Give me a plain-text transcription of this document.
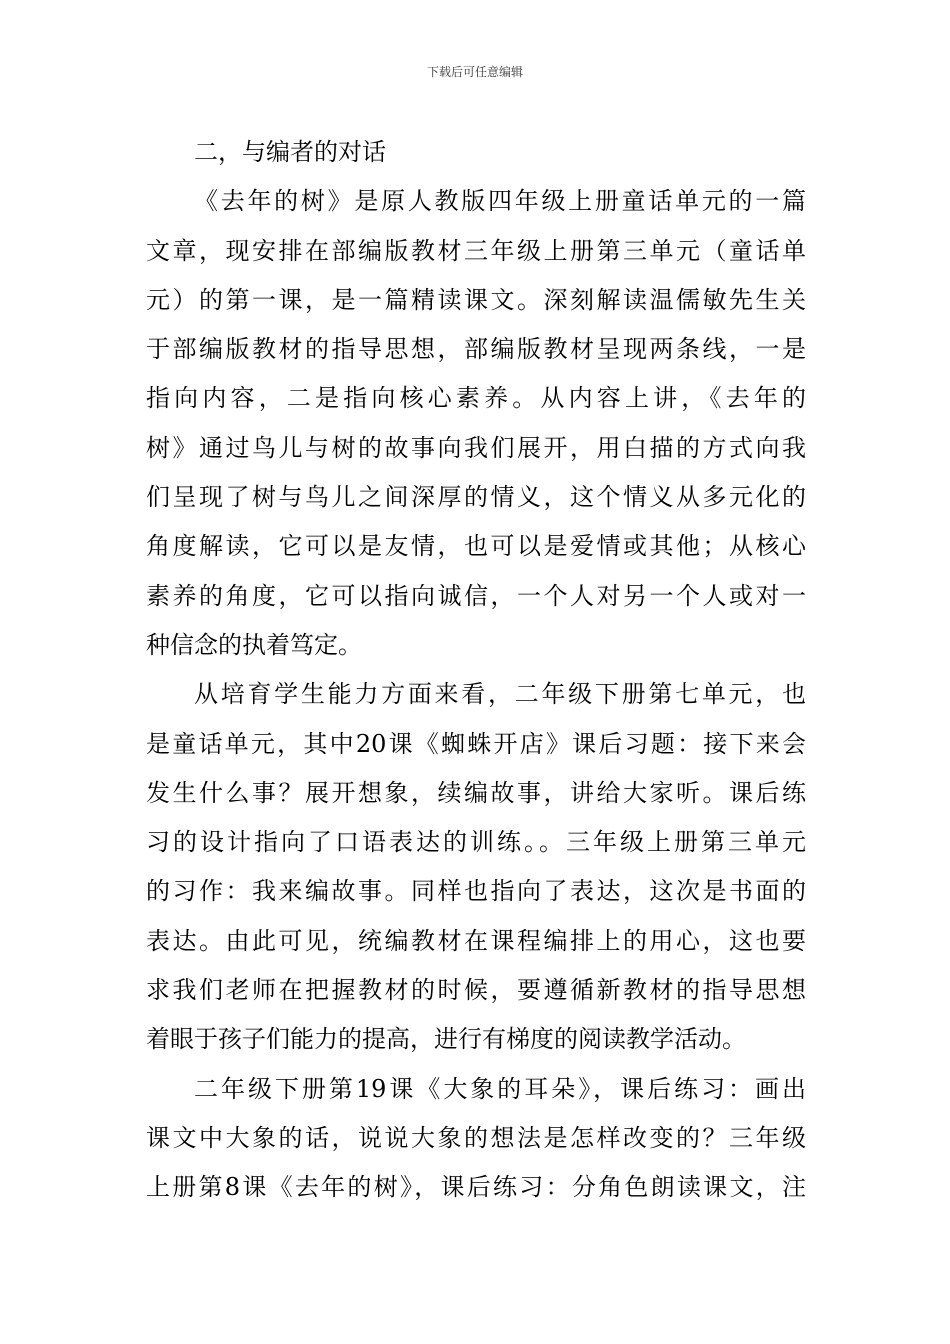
下载后可任意编辑
二，与编者的对话
《去年的树》是原人教版四年级上册童话单元的一篇
文章，现安排在部编版教材三年级上册第三单元（童话单
元）的第一课，是一篇精读课文。深刻解读温儒敏先生关
于部编版教材的指导思想，部编版教材呈现两条线，一是
指向内容，二是指向核心素养。从内容上讲，《去年的
树》通过鸟儿与树的故事向我们展开，用白描的方式向我
们呈现了树与鸟儿之间深厚的情义，这个情义从多元化的
角度解读，它可以是友情，也可以是爱情或其他；从核心
素养的角度，它可以指向诚信，一个人对另一个人或对一
种信念的执着笃定。
从培育学生能力方面来看，二年级下册第七单元，也
是童话单元，其中20课《蜘蛛开店》课后习题：接下来会
发生什么事？展开想象，续编故事，讲给大家听。课后练
习的设计指向了口语表达的训练。。三年级上册第三单元
的习作：我来编故事。同样也指向了表达，这次是书面的
表达。由此可见，统编教材在课程编排上的用心，这也要
求我们老师在把握教材的时候，要遵循新教材的指导思想
着眼于孩子们能力的提高，进行有梯度的阅读教学活动。
二年级下册第19课《大象的耳朵》，课后练习：画出
课文中大象的话，说说大象的想法是怎样改变的？三年级
上册第8课《去年的树》，课后练习：分角色朗读课文，注
